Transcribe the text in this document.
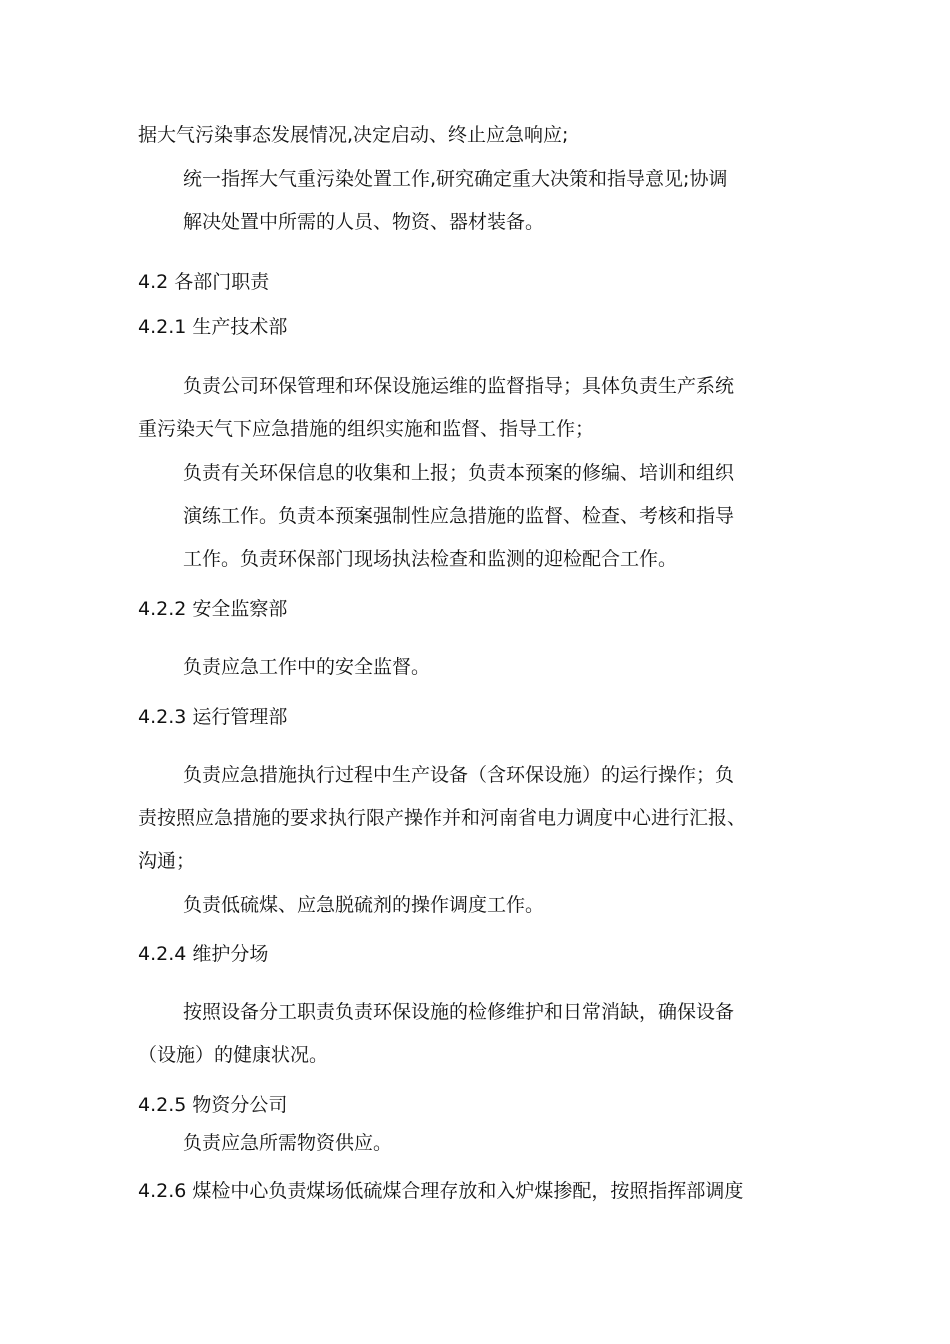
据大气污染事态发展情况,决定启动、终止应急响应;
统一指挥大气重污染处置工作,研究确定重大决策和指导意见;协调
解决处置中所需的人员、物资、器材装备。
4.2 各部门职责
4.2.1 生产技术部
负责公司环保管理和环保设施运维的监督指导；具体负责生产系统
重污染天气下应急措施的组织实施和监督、指导工作；
负责有关环保信息的收集和上报；负责本预案的修编、培训和组织
演练工作。负责本预案强制性应急措施的监督、检查、考核和指导
工作。负责环保部门现场执法检查和监测的迎检配合工作。
4.2.2 安全监察部
负责应急工作中的安全监督。
4.2.3 运行管理部
负责应急措施执行过程中生产设备（含环保设施）的运行操作；负
责按照应急措施的要求执行限产操作并和河南省电力调度中心进行汇报、
沟通；
负责低硫煤、应急脱硫剂的操作调度工作。
4.2.4 维护分场
按照设备分工职责负责环保设施的检修维护和日常消缺，确保设备
（设施）的健康状况。
4.2.5 物资分公司
负责应急所需物资供应。
4.2.6 煤检中心负责煤场低硫煤合理存放和入炉煤掺配，按照指挥部调度
